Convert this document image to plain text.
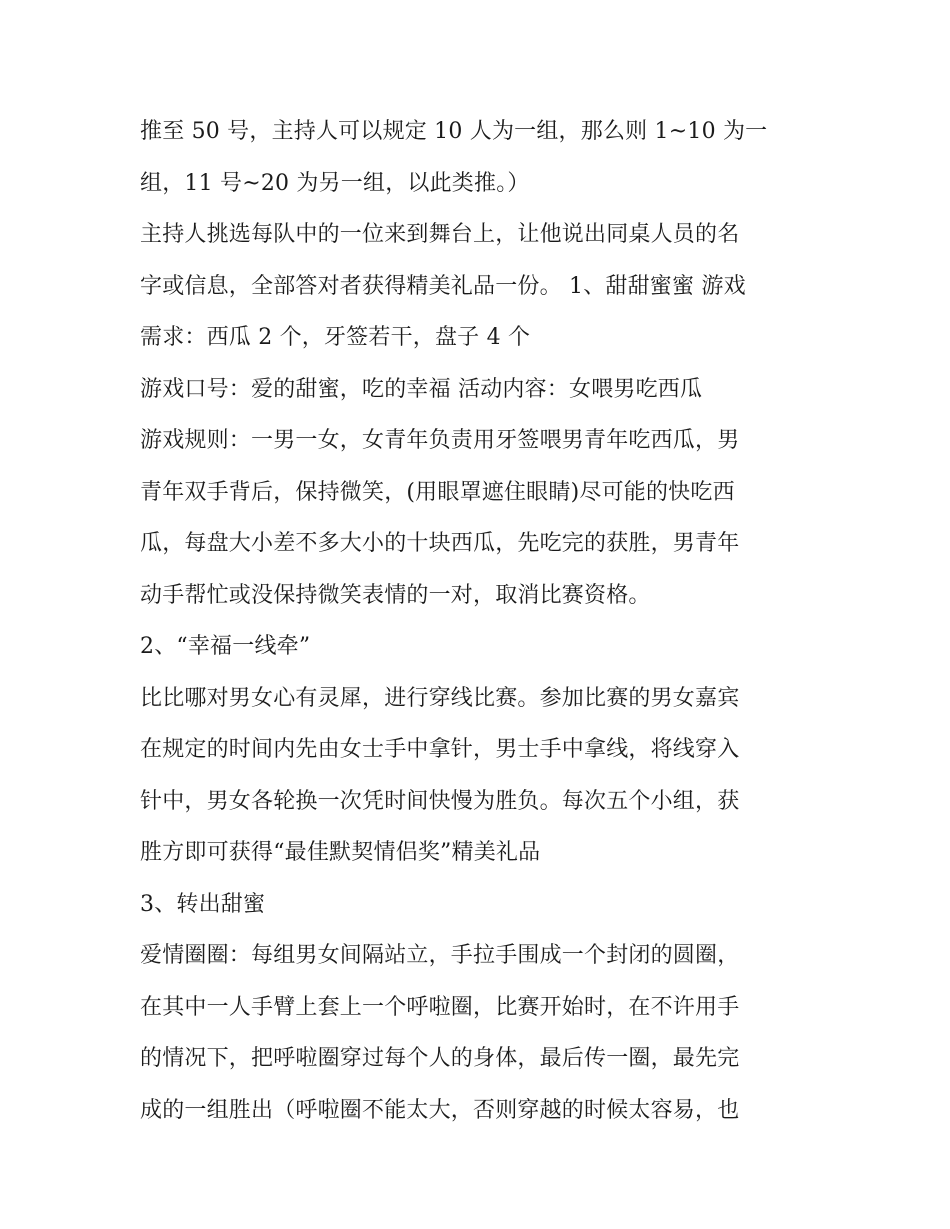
推至 50 号，主持人可以规定 10 人为一组，那么则 1~10 为一
组，11 号~20 为另一组，以此类推。）
主持人挑选每队中的一位来到舞台上，让他说出同桌人员的名
字或信息，全部答对者获得精美礼品一份。 1、甜甜蜜蜜 游戏
需求：西瓜 2 个，牙签若干，盘子 4 个
游戏口号：爱的甜蜜，吃的幸福 活动内容：女喂男吃西瓜
游戏规则：一男一女，女青年负责用牙签喂男青年吃西瓜，男
青年双手背后，保持微笑，(用眼罩遮住眼睛)尽可能的快吃西
瓜，每盘大小差不多大小的十块西瓜，先吃完的获胜，男青年
动手帮忙或没保持微笑表情的一对，取消比赛资格。
2、“幸福一线牵”
比比哪对男女心有灵犀，进行穿线比赛。参加比赛的男女嘉宾
在规定的时间内先由女士手中拿针，男士手中拿线，将线穿入
针中，男女各轮换一次凭时间快慢为胜负。每次五个小组，获
胜方即可获得“最佳默契情侣奖”精美礼品
3、转出甜蜜
爱情圈圈：每组男女间隔站立，手拉手围成一个封闭的圆圈，
在其中一人手臂上套上一个呼啦圈，比赛开始时，在不许用手
的情况下，把呼啦圈穿过每个人的身体，最后传一圈，最先完
成的一组胜出（呼啦圈不能太大，否则穿越的时候太容易，也
